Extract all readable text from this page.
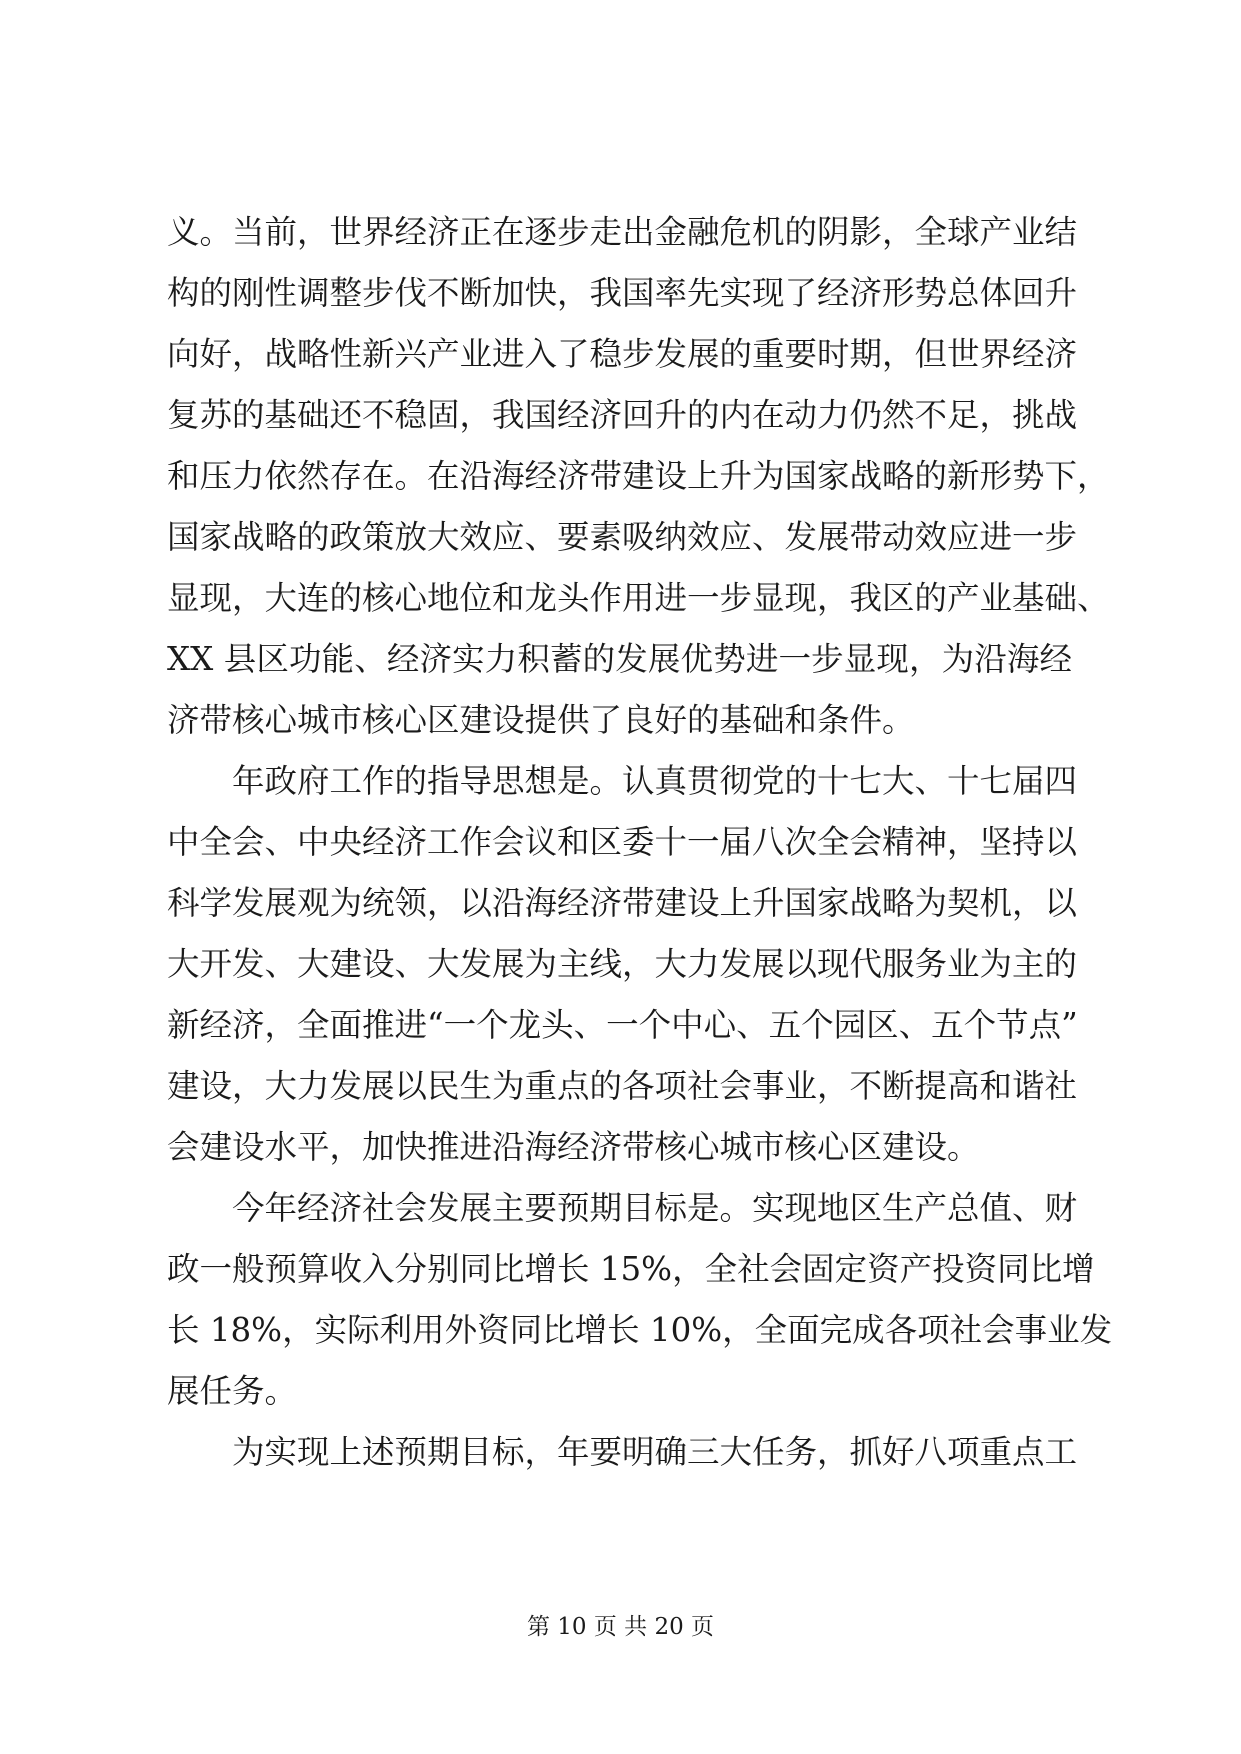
义。当前，世界经济正在逐步走出金融危机的阴影，全球产业结
构的刚性调整步伐不断加快，我国率先实现了经济形势总体回升
向好，战略性新兴产业进入了稳步发展的重要时期，但世界经济
复苏的基础还不稳固，我国经济回升的内在动力仍然不足，挑战
和压力依然存在。在沿海经济带建设上升为国家战略的新形势下，
国家战略的政策放大效应、要素吸纳效应、发展带动效应进一步
显现，大连的核心地位和龙头作用进一步显现，我区的产业基础、
XX 县区功能、经济实力积蓄的发展优势进一步显现，为沿海经
济带核心城市核心区建设提供了良好的基础和条件。
年政府工作的指导思想是。认真贯彻党的十七大、十七届四
中全会、中央经济工作会议和区委十一届八次全会精神，坚持以
科学发展观为统领，以沿海经济带建设上升国家战略为契机，以
大开发、大建设、大发展为主线，大力发展以现代服务业为主的
新经济，全面推进“一个龙头、一个中心、五个园区、五个节点”
建设，大力发展以民生为重点的各项社会事业，不断提高和谐社
会建设水平，加快推进沿海经济带核心城市核心区建设。
今年经济社会发展主要预期目标是。实现地区生产总值、财
政一般预算收入分别同比增长 15%，全社会固定资产投资同比增
长 18%，实际利用外资同比增长 10%，全面完成各项社会事业发
展任务。
为实现上述预期目标，年要明确三大任务，抓好八项重点工
第 10 页 共 20 页
